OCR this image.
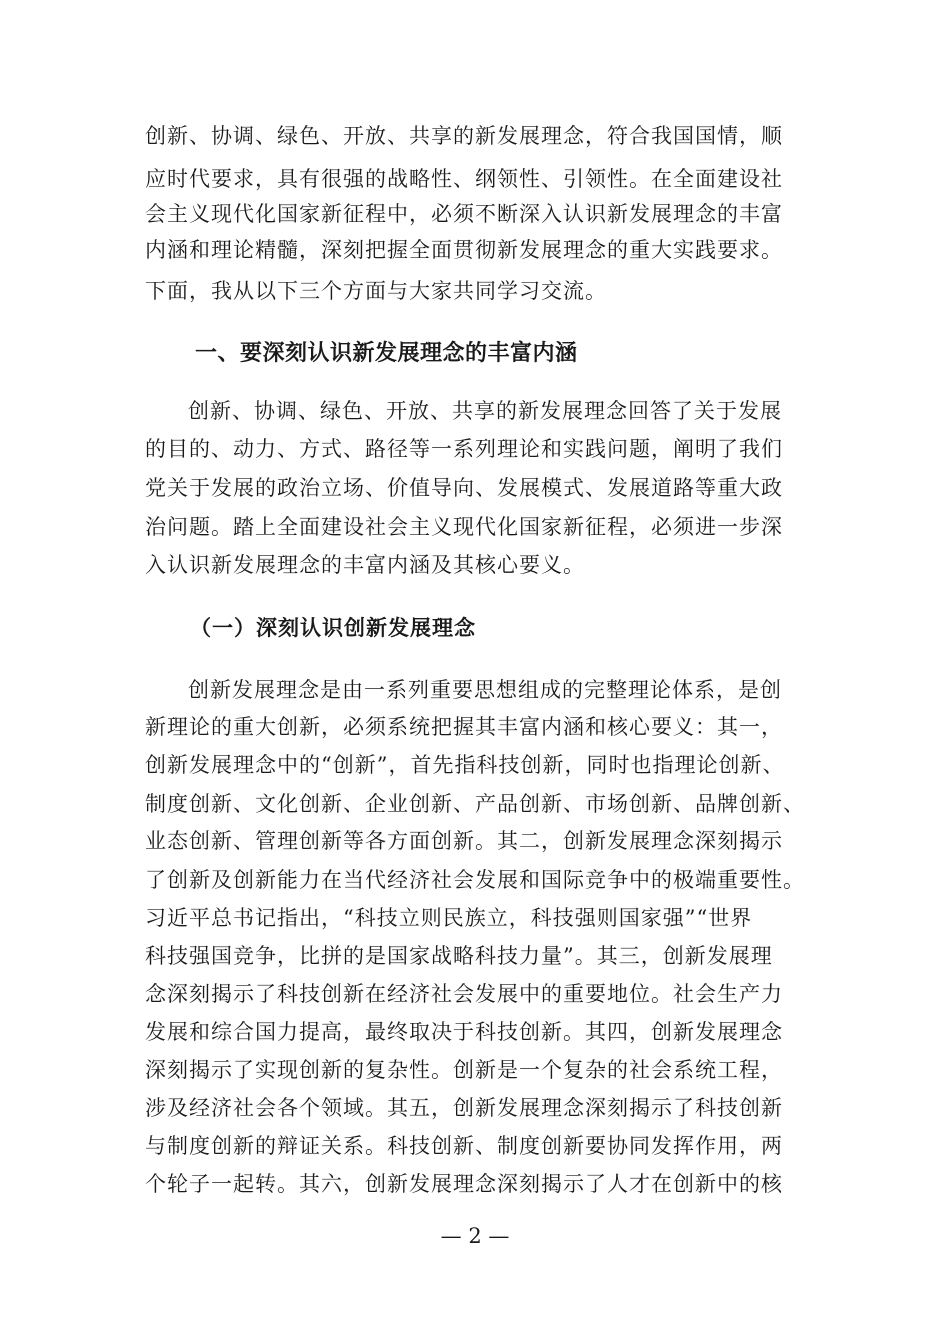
创新、协调、绿色、开放、共享的新发展理念，符合我国国情，顺
应时代要求，具有很强的战略性、纲领性、引领性。在全面建设社
会主义现代化国家新征程中，必须不断深入认识新发展理念的丰富
内涵和理论精髓，深刻把握全面贯彻新发展理念的重大实践要求。
下面，我从以下三个方面与大家共同学习交流。
一、要深刻认识新发展理念的丰富内涵
创新、协调、绿色、开放、共享的新发展理念回答了关于发展
的目的、动力、方式、路径等一系列理论和实践问题，阐明了我们
党关于发展的政治立场、价值导向、发展模式、发展道路等重大政
治问题。踏上全面建设社会主义现代化国家新征程，必须进一步深
入认识新发展理念的丰富内涵及其核心要义。
（一）深刻认识创新发展理念
创新发展理念是由一系列重要思想组成的完整理论体系，是创
新理论的重大创新，必须系统把握其丰富内涵和核心要义：其一，
创新发展理念中的“创新”，首先指科技创新，同时也指理论创新、
制度创新、文化创新、企业创新、产品创新、市场创新、品牌创新、
业态创新、管理创新等各方面创新。其二，创新发展理念深刻揭示
了创新及创新能力在当代经济社会发展和国际竞争中的极端重要性。
习近平总书记指出，“科技立则民族立，科技强则国家强”“世界
科技强国竞争，比拼的是国家战略科技力量”。其三，创新发展理
念深刻揭示了科技创新在经济社会发展中的重要地位。社会生产力
发展和综合国力提高，最终取决于科技创新。其四，创新发展理念
深刻揭示了实现创新的复杂性。创新是一个复杂的社会系统工程，
涉及经济社会各个领域。其五，创新发展理念深刻揭示了科技创新
与制度创新的辩证关系。科技创新、制度创新要协同发挥作用，两
个轮子一起转。其六，创新发展理念深刻揭示了人才在创新中的核
— 2 —
